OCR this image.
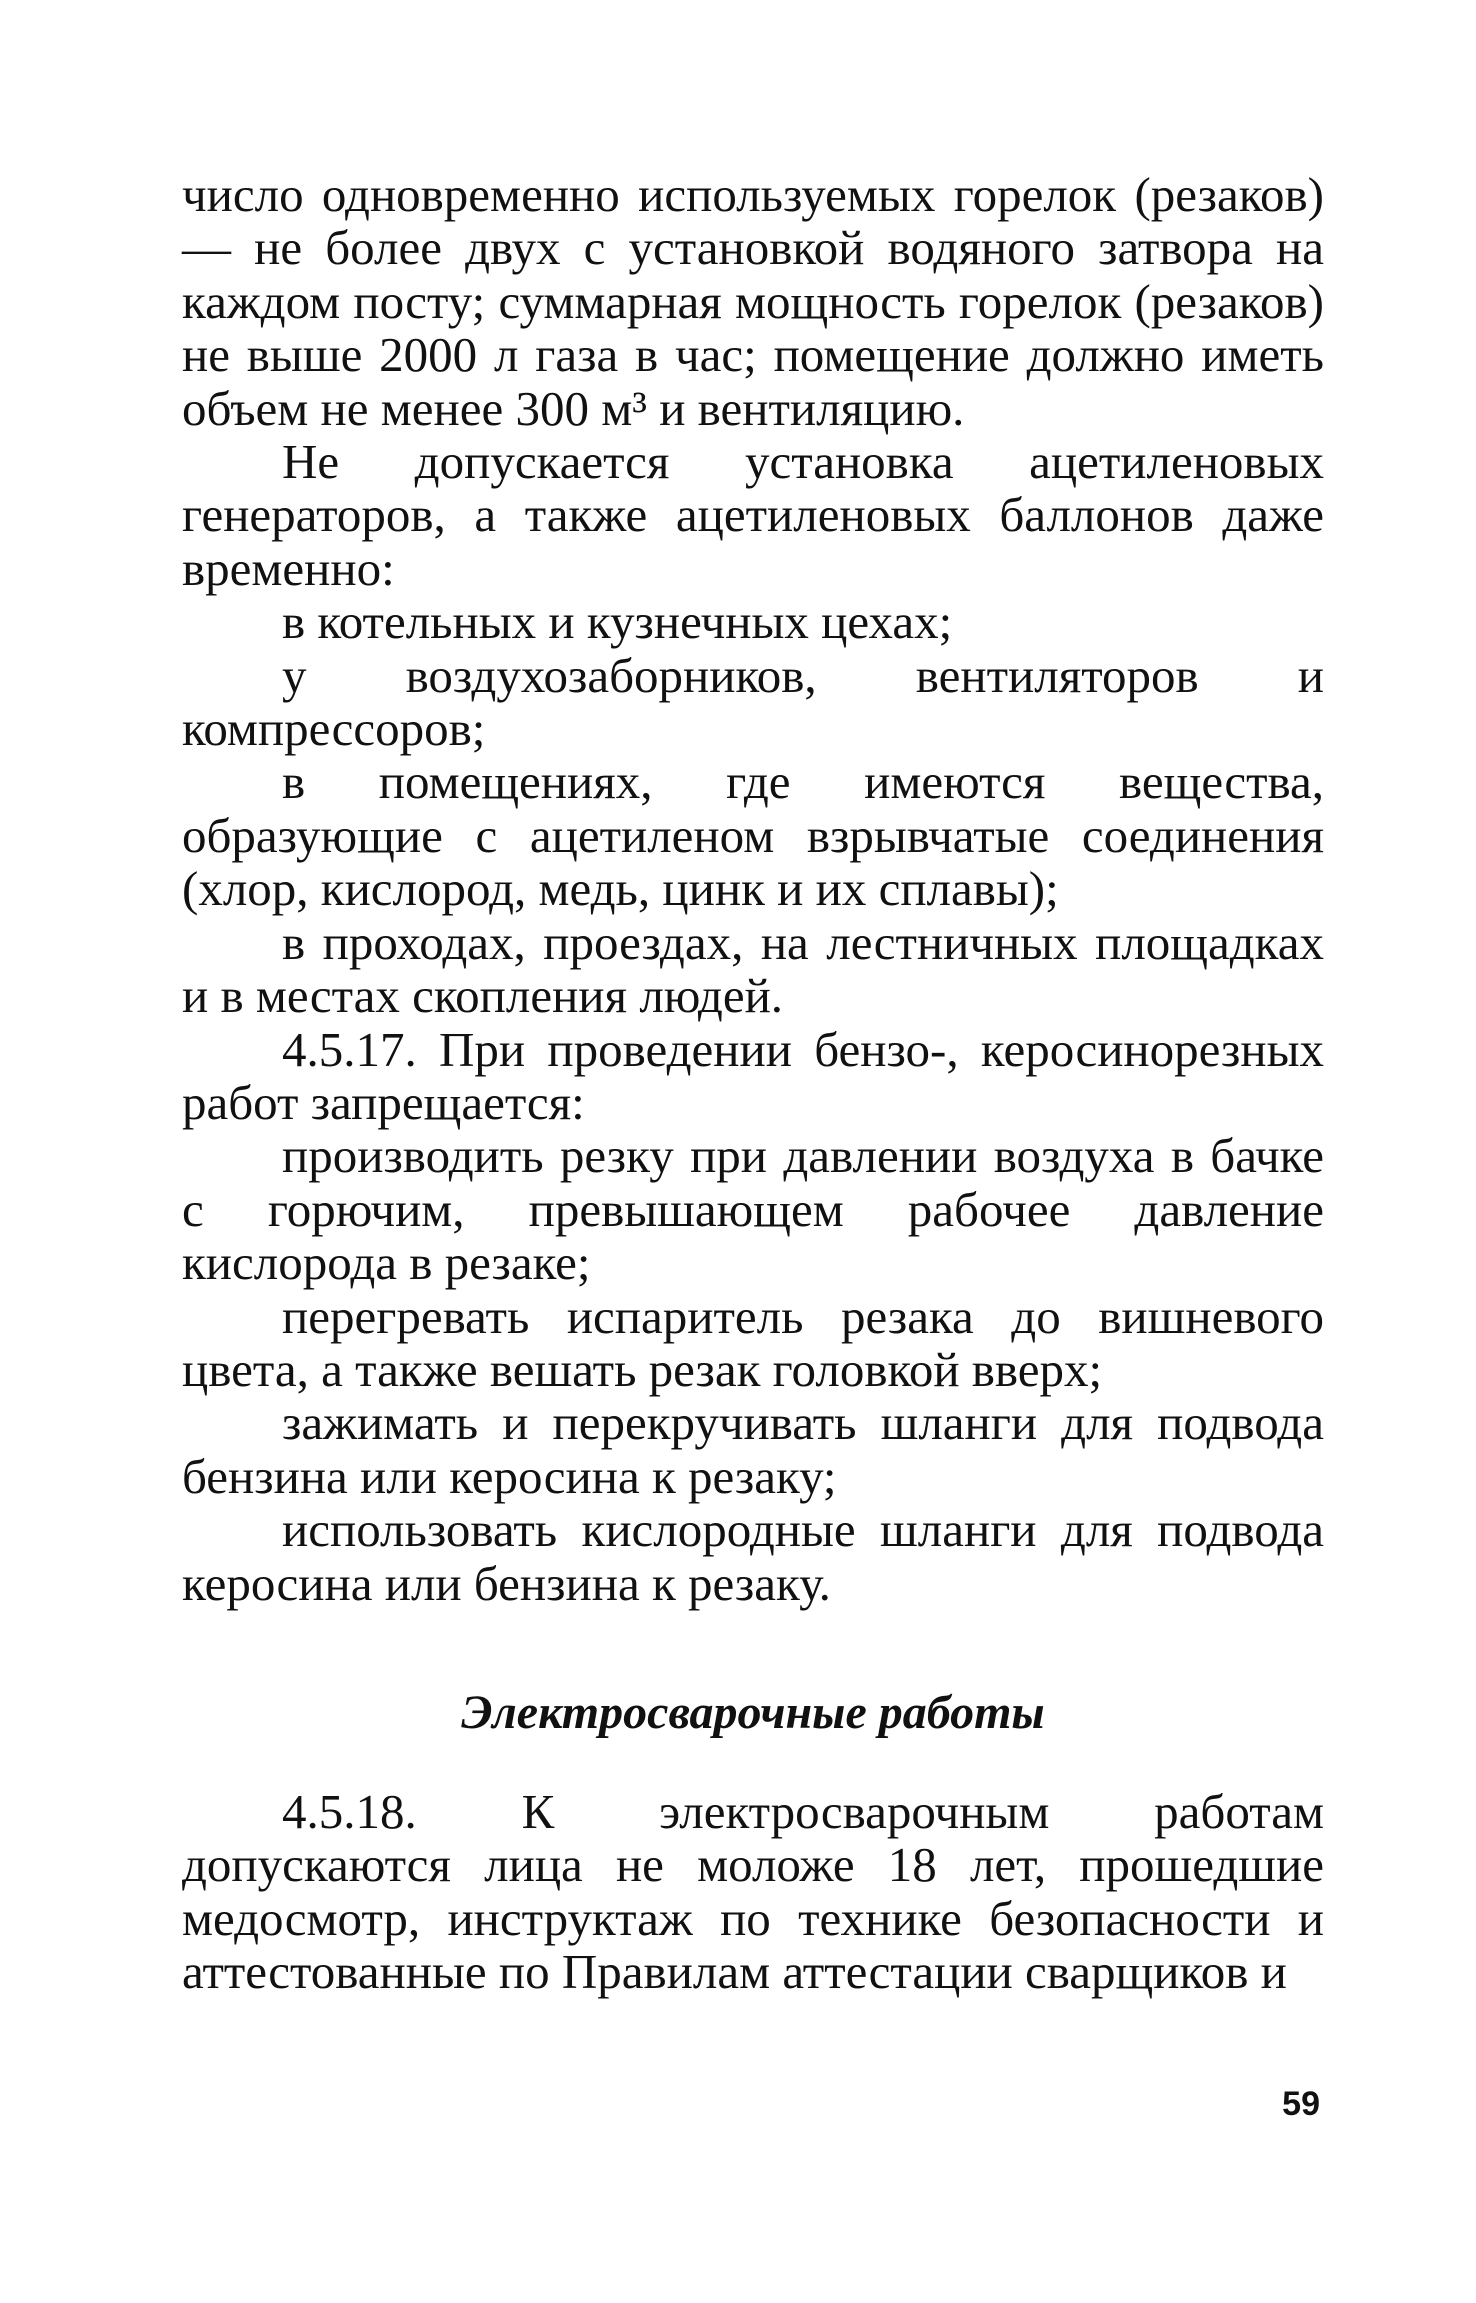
число одновременно используемых горелок (резаков) — не более двух с установкой водяного затвора на каждом посту; суммарная мощность горелок (резаков) не выше 2000 л газа в час; помещение должно иметь объем не менее 300 м³ и вентиляцию.

Не допускается установка ацетиленовых генераторов, а также ацетиленовых баллонов даже временно:

в котельных и кузнечных цехах;

у воздухозаборников, вентиляторов и компрессоров;

в помещениях, где имеются вещества, образующие с ацетиленом взрывчатые соединения (хлор, кислород, медь, цинк и их сплавы);

в проходах, проездах, на лестничных площадках и в местах скопления людей.

4.5.17. При проведении бензо-, керосинорезных работ запрещается:

производить резку при давлении воздуха в бачке с горючим, превышающем рабочее давление кислорода в резаке;

перегревать испаритель резака до вишневого цвета, а также вешать резак головкой вверх;

зажимать и перекручивать шланги для подвода бензина или керосина к резаку;

использовать кислородные шланги для подвода керосина или бензина к резаку.

Электросварочные работы

4.5.18. К электросварочным работам допускаются лица не моложе 18 лет, прошедшие медосмотр, инструктаж по технике безопасности и аттестованные по Правилам аттестации сварщиков и

59
